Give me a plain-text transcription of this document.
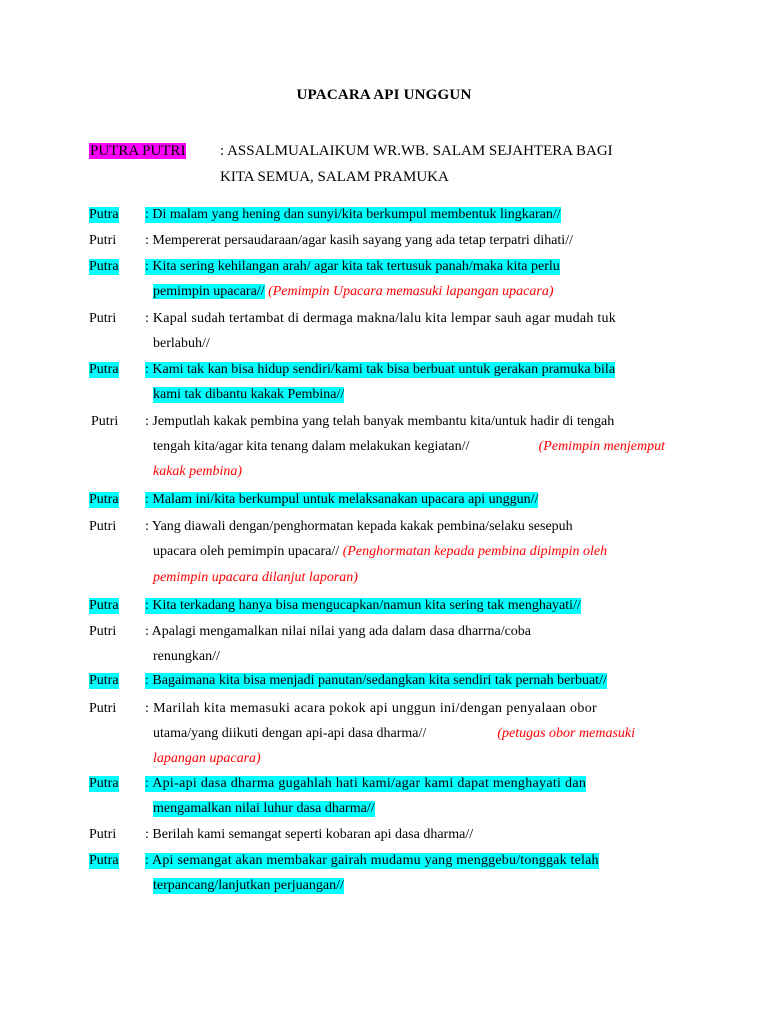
UPACARA API UNGGUN
PUTRA PUTRI : ASSALMUALAIKUM WR.WB. SALAM SEJAHTERA BAGI
KITA SEMUA, SALAM PRAMUKA
Putra : Di malam yang hening dan sunyi/kita berkumpul membentuk lingkaran//
Putri : Mempererat persaudaraan/agar kasih sayang yang ada tetap terpatri dihati//
Putra : Kita sering kehilangan arah/ agar kita tak tertusuk panah/maka kita perlu
pemimpin upacara// (Pemimpin Upacara memasuki lapangan upacara)
Putri : Kapal sudah tertambat di dermaga makna/lalu kita lempar sauh agar mudah tuk
berlabuh//
Putra : Kami tak kan bisa hidup sendiri/kami tak bisa berbuat untuk gerakan pramuka bila
kami tak dibantu kakak Pembina//
Putri : Jemputlah kakak pembina yang telah banyak membantu kita/untuk hadir di tengah
tengah kita/agar kita tenang dalam melakukan kegiatan//	(Pemimpin menjemput
kakak pembina)
Putra : Malam ini/kita berkumpul untuk melaksanakan upacara api unggun//
Putri : Yang diawali dengan/penghormatan kepada kakak pembina/selaku sesepuh
upacara oleh pemimpin upacara// (Penghormatan kepada pembina dipimpin oleh
pemimpin upacara dilanjut laporan)
Putra : Kita terkadang hanya bisa mengucapkan/namun kita sering tak menghayati//
Putri : Apalagi mengamalkan nilai nilai yang ada dalam dasa dharrna/coba
renungkan//
Putra : Bagaimana kita bisa menjadi panutan/sedangkan kita sendiri tak pernah berbuat//
Putri : Marilah kita memasuki acara pokok api unggun ini/dengan penyalaan obor
utama/yang diikuti dengan api-api dasa dharma//	(petugas obor memasuki
lapangan upacara)
Putra : Api-api dasa dharma gugahlah hati kami/agar kami dapat menghayati dan
mengamalkan nilai luhur dasa dharma//
Putri : Berilah kami semangat seperti kobaran api dasa dharma//
Putra : Api semangat akan membakar gairah mudamu yang menggebu/tonggak telah
terpancang/lanjutkan perjuangan//
